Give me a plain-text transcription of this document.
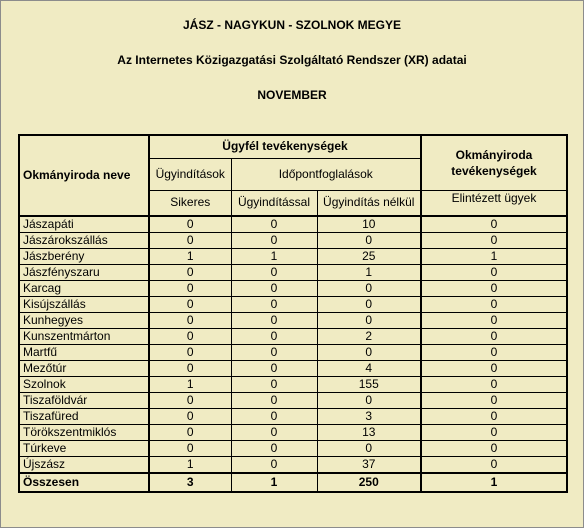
JÁSZ - NAGYKUN - SZOLNOK MEGYE
Az Internetes Közigazgatási Szolgáltató Rendszer (XR) adatai
NOVEMBER
Okmányiroda neve	Ügyfél tevékenységek			Okmányiroda tevékenységek
	Ügyindítások	Időpontfoglalások		
	Sikeres	Ügyindítással	Ügyindítás nélkül	Elintézett ügyek
Jászapáti	0	0	10	0
Jászárokszállás	0	0	0	0
Jászberény	1	1	25	1
Jászfényszaru	0	0	1	0
Karcag	0	0	0	0
Kisújszállás	0	0	0	0
Kunhegyes	0	0	0	0
Kunszentmárton	0	0	2	0
Martfű	0	0	0	0
Mezőtúr	0	0	4	0
Szolnok	1	0	155	0
Tiszaföldvár	0	0	0	0
Tiszafüred	0	0	3	0
Törökszentmiklós	0	0	13	0
Túrkeve	0	0	0	0
Újszász	1	0	37	0
Összesen	3	1	250	1
